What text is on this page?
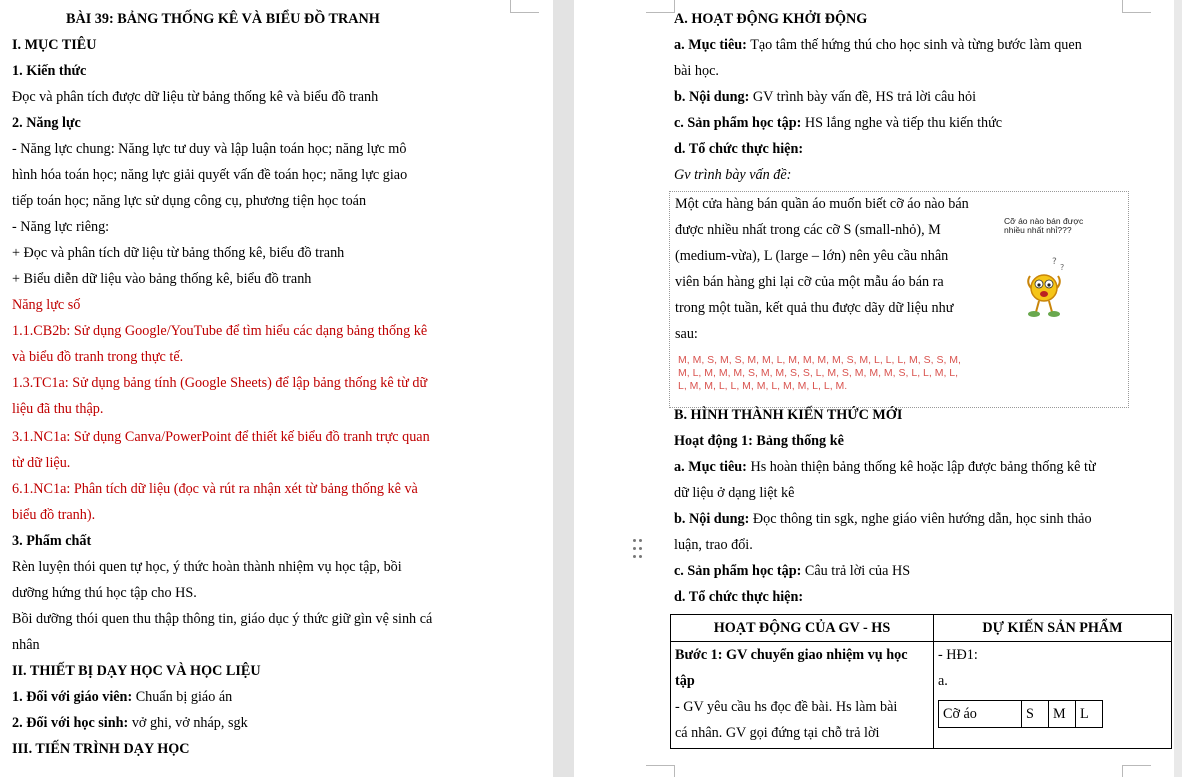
BÀI 39: BẢNG THỐNG KÊ VÀ BIỂU ĐỒ TRANH
I. MỤC TIÊU
1. Kiến thức
Đọc và phân tích được dữ liệu từ bảng thống kê và biểu đồ tranh
2. Năng lực
- Năng lực chung: Năng lực tư duy và lập luận toán học; năng lực mô
hình hóa toán học; năng lực giải quyết vấn đề toán học; năng lực giao
tiếp toán học; năng lực sử dụng công cụ, phương tiện học toán
- Năng lực riêng:
+ Đọc và phân tích dữ liệu từ bảng thống kê, biểu đồ tranh
+ Biểu diễn dữ liệu vào bảng thống kê, biểu đồ tranh
Năng lực số
1.1.CB2b: Sử dụng Google/YouTube để tìm hiểu các dạng bảng thống kê
và biểu đồ tranh trong thực tế.
1.3.TC1a: Sử dụng bảng tính (Google Sheets) để lập bảng thống kê từ dữ
liệu đã thu thập.
3.1.NC1a: Sử dụng Canva/PowerPoint để thiết kế biểu đồ tranh trực quan
từ dữ liệu.
6.1.NC1a: Phân tích dữ liệu (đọc và rút ra nhận xét từ bảng thống kê và
biểu đồ tranh).
3. Phẩm chất
Rèn luyện thói quen tự học, ý thức hoàn thành nhiệm vụ học tập, bồi
dưỡng hứng thú học tập cho HS.
Bồi dưỡng thói quen thu thập thông tin, giáo dục ý thức giữ gìn vệ sinh cá
nhân
II. THIẾT BỊ DẠY HỌC VÀ HỌC LIỆU
1. Đối với giáo viên: Chuẩn bị giáo án
2. Đối với học sinh: vở ghi, vở nháp, sgk
III. TIẾN TRÌNH DẠY HỌC
A. HOẠT ĐỘNG KHỞI ĐỘNG
a. Mục tiêu: Tạo tâm thế hứng thú cho học sinh và từng bước làm quen
bài học.
b. Nội dung: GV trình bày vấn đề, HS trả lời câu hỏi
c. Sản phẩm học tập: HS lắng nghe và tiếp thu kiến thức
d. Tổ chức thực hiện:
Gv trình bày vấn đề:
Một cửa hàng bán quần áo muốn biết cỡ áo nào bán
được nhiều nhất trong các cỡ S (small-nhỏ), M
(medium-vừa), L (large – lớn) nên yêu cầu nhân
viên bán hàng ghi lại cỡ của một mẫu áo bán ra
trong một tuần, kết quả thu được dãy dữ liệu như
sau:
Cỡ áo nào bán được
nhiều nhất nhỉ???
?
?
M, M, S, M, S, M, M, L, M, M, M, M, S, M, L, L, L, M, S, S, M,
M, L, M, M, M, S, M, M, S, S, L, M, S, M, M, M, S, L, L, M, L,
L, M, M, L, L, M, M, L, M, M, L, L, M.
B. HÌNH THÀNH KIẾN THỨC MỚI
Hoạt động 1: Bảng thống kê
a. Mục tiêu: Hs hoàn thiện bảng thống kê hoặc lập được bảng thống kê từ
dữ liệu ở dạng liệt kê
b. Nội dung: Đọc thông tin sgk, nghe giáo viên hướng dẫn, học sinh thảo
luận, trao đổi.
c. Sản phẩm học tập: Câu trả lời của HS
d. Tổ chức thực hiện:
HOẠT ĐỘNG CỦA GV - HS	DỰ KIẾN SẢN PHẨM

Bước 1: GV chuyển giao nhiệm vụ học
tập
- GV yêu cầu hs đọc đề bài. Hs làm bài
cá nhân. GV gọi đứng tại chỗ trả lời

- HĐ1:
a.
Cỡ áo	S	M	L
